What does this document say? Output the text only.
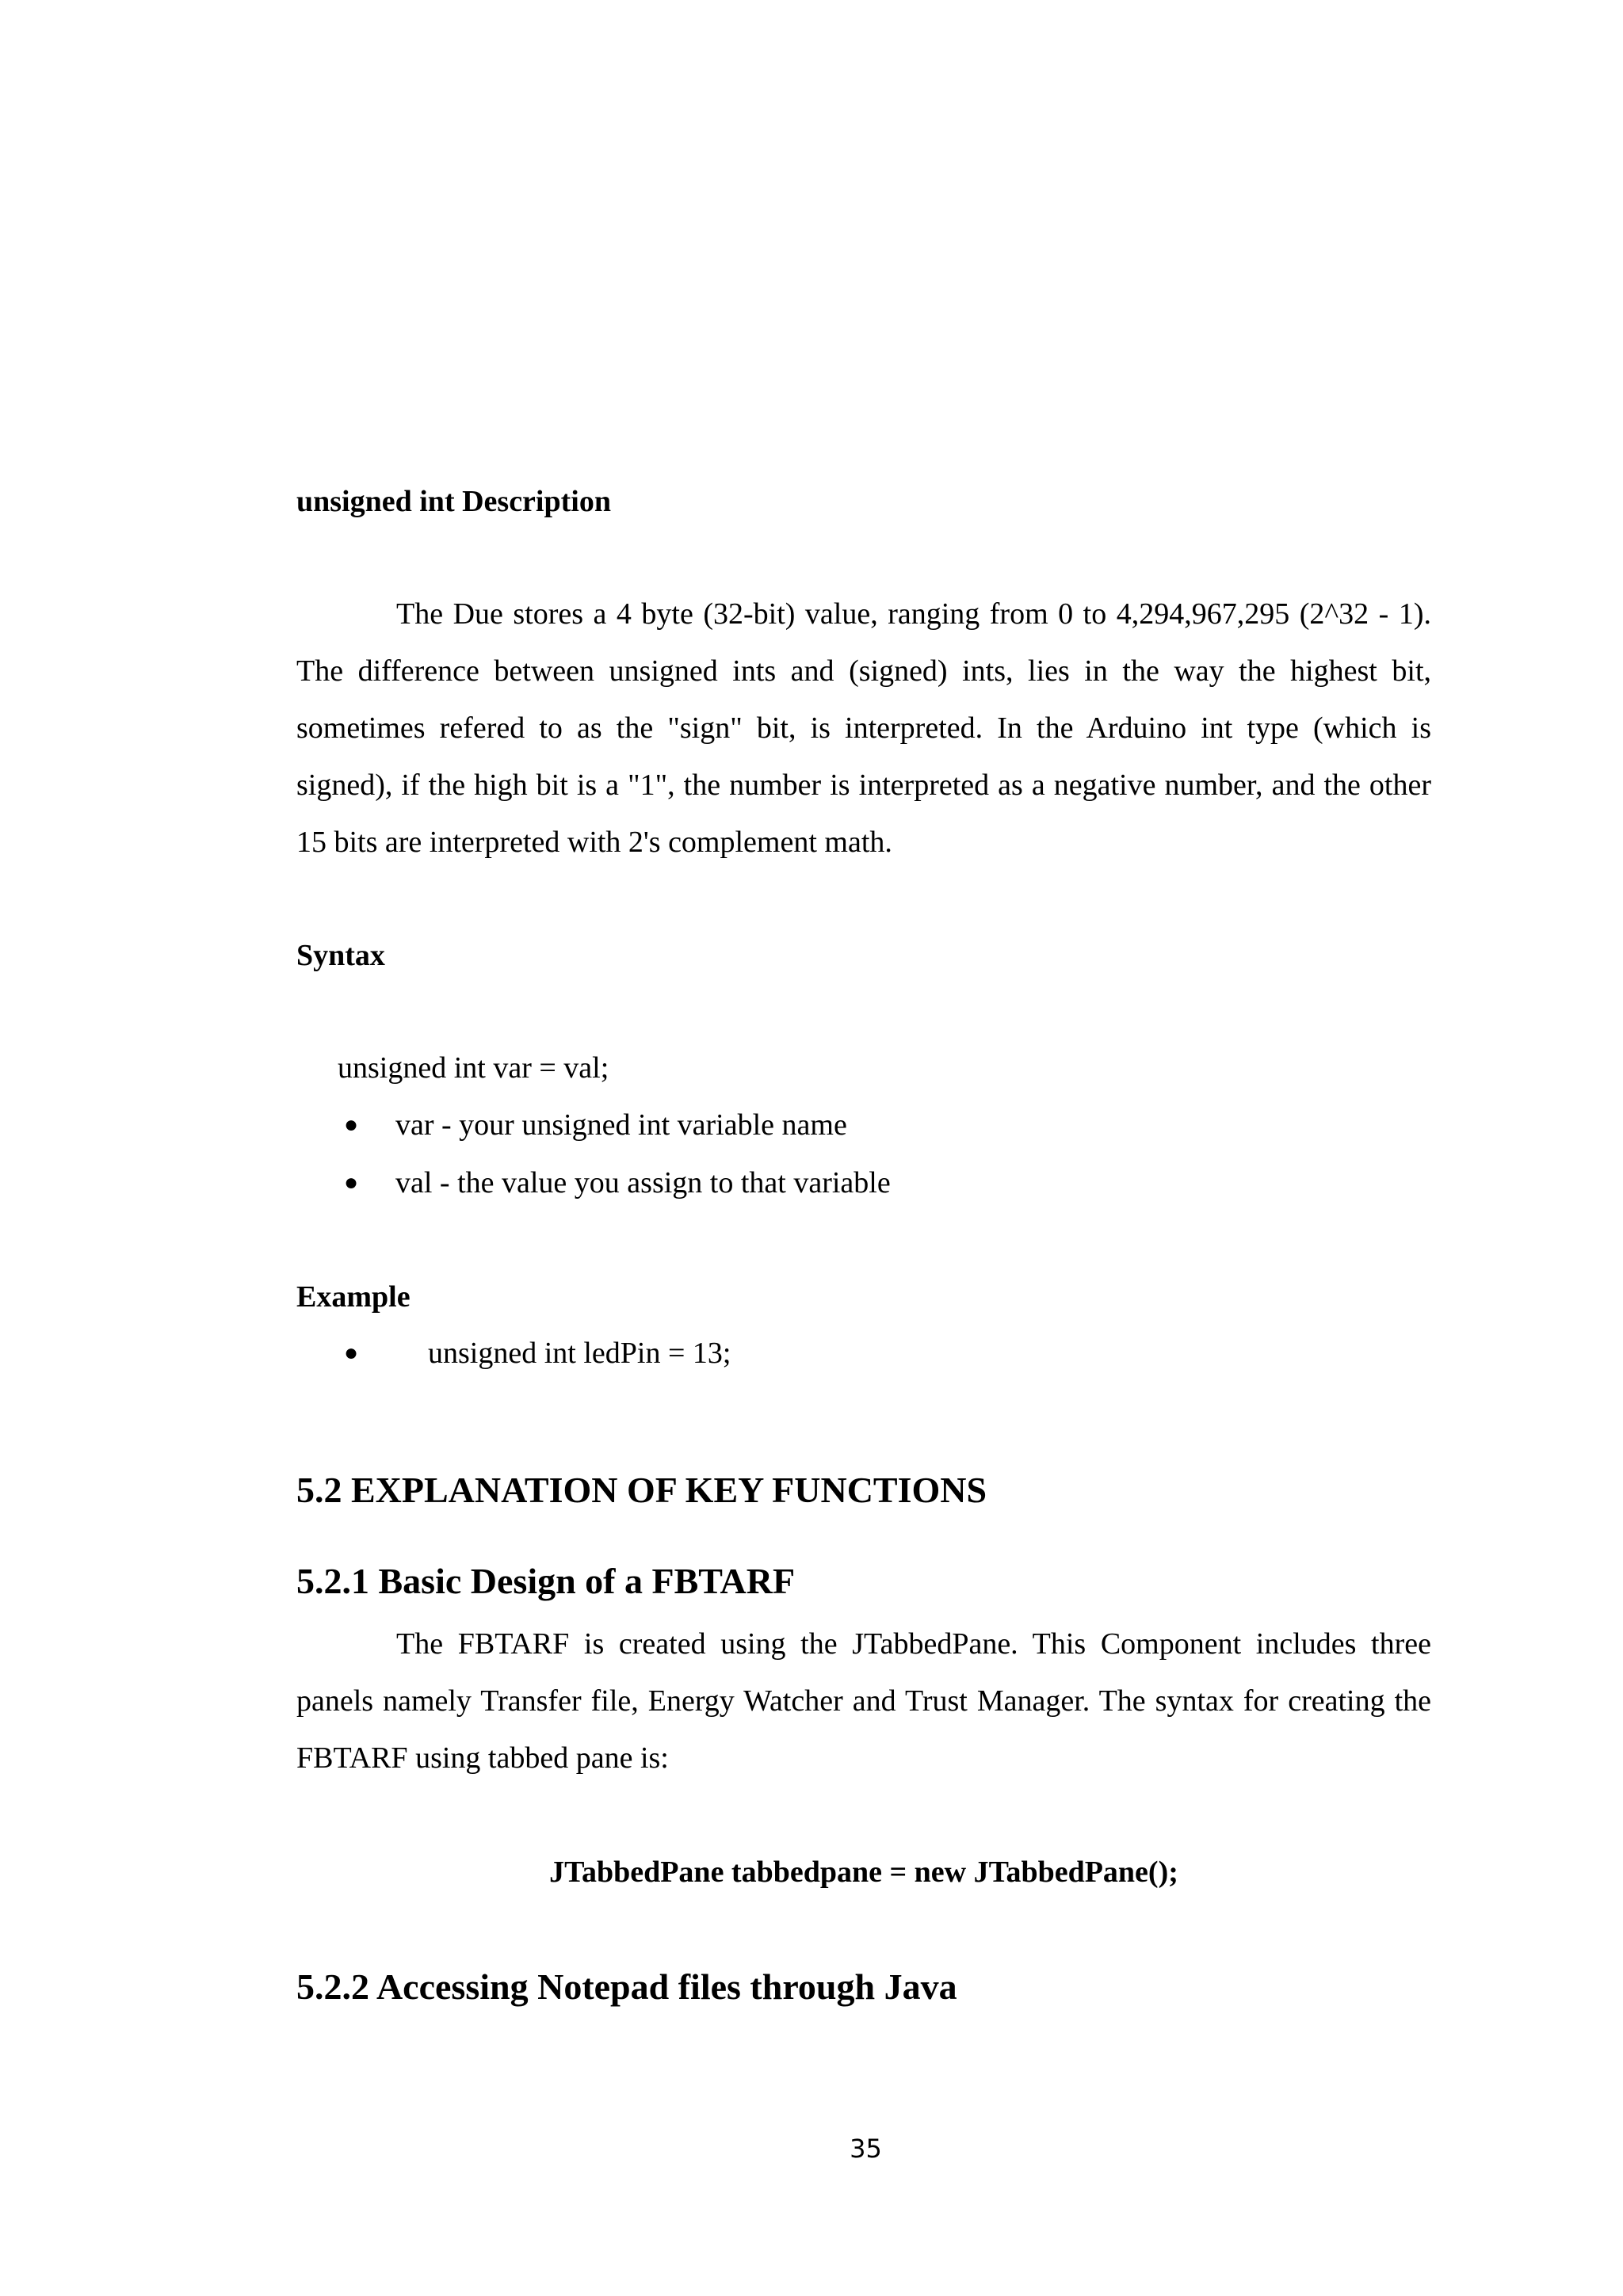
unsigned int Description

The Due stores a 4 byte (32-bit) value, ranging from 0 to 4,294,967,295 (2^32 - 1). The difference between unsigned ints and (signed) ints, lies in the way the highest bit, sometimes refered to as the "sign" bit, is interpreted. In the Arduino int type (which is signed), if the high bit is a "1", the number is interpreted as a negative number, and the other 15 bits are interpreted with 2's complement math.

Syntax

unsigned int var = val;

● var - your unsigned int variable name
● val - the value you assign to that variable

Example

● unsigned int ledPin = 13;

5.2 EXPLANATION OF KEY FUNCTIONS

5.2.1 Basic Design of a FBTARF

The FBTARF is created using the JTabbedPane. This Component includes three panels namely Transfer file, Energy Watcher and Trust Manager. The syntax for creating the FBTARF using tabbed pane is:

JTabbedPane tabbedpane = new JTabbedPane();

5.2.2 Accessing Notepad files through Java

35
